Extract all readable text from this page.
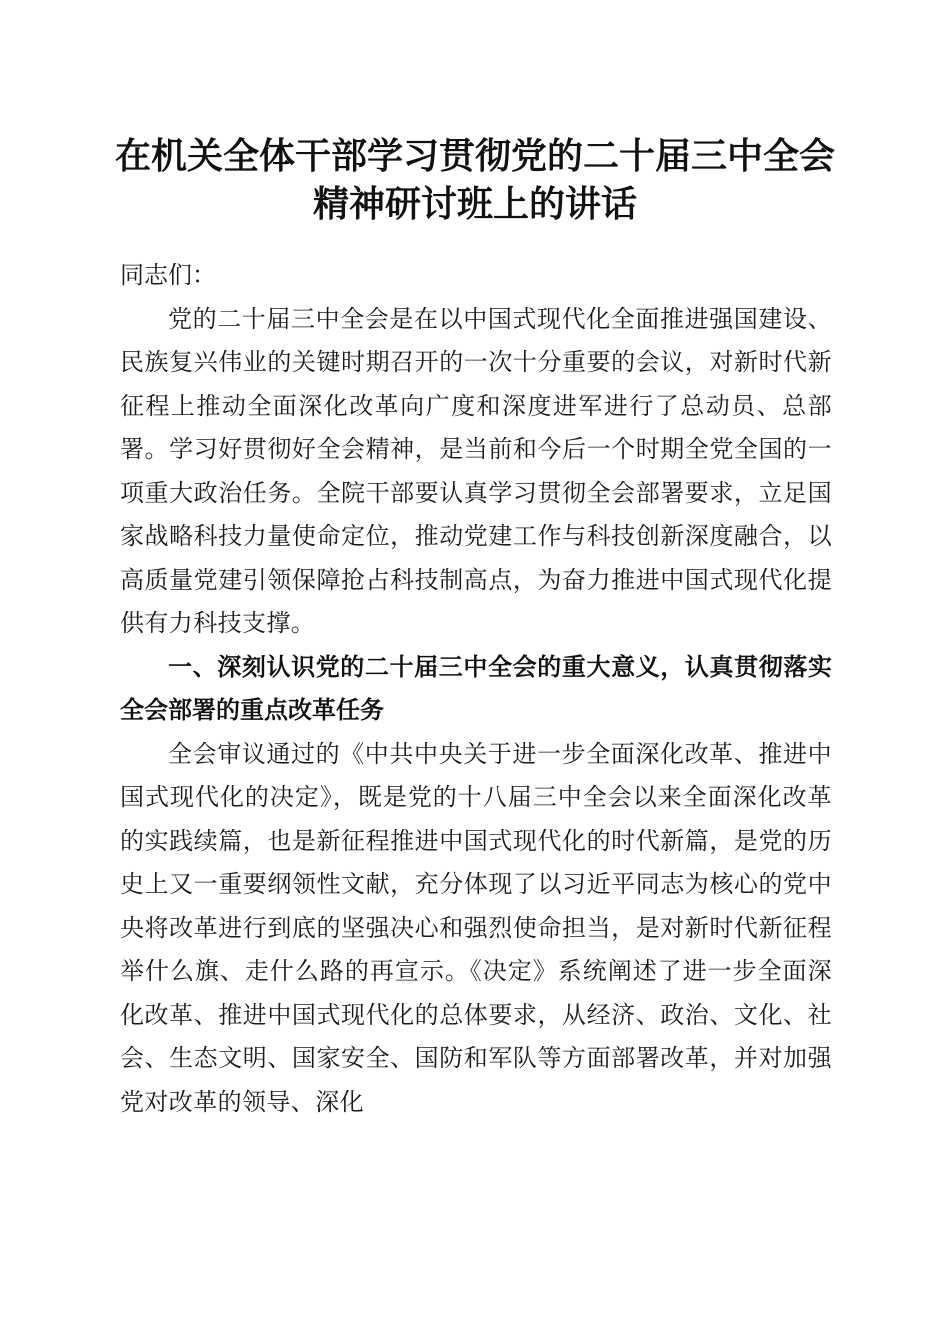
在机关全体干部学习贯彻党的二十届三中全会
精神研讨班上的讲话

同志们：

党的二十届三中全会是在以中国式现代化全面推进强国建设、民族复兴伟业的关键时期召开的一次十分重要的会议，对新时代新征程上推动全面深化改革向广度和深度进军进行了总动员、总部署。学习好贯彻好全会精神，是当前和今后一个时期全党全国的一项重大政治任务。全院干部要认真学习贯彻全会部署要求，立足国家战略科技力量使命定位，推动党建工作与科技创新深度融合，以高质量党建引领保障抢占科技制高点，为奋力推进中国式现代化提供有力科技支撑。

一、深刻认识党的二十届三中全会的重大意义，认真贯彻落实全会部署的重点改革任务

全会审议通过的《中共中央关于进一步全面深化改革、推进中国式现代化的决定》，既是党的十八届三中全会以来全面深化改革的实践续篇，也是新征程推进中国式现代化的时代新篇，是党的历史上又一重要纲领性文献，充分体现了以习近平同志为核心的党中央将改革进行到底的坚强决心和强烈使命担当，是对新时代新征程举什么旗、走什么路的再宣示。《决定》系统阐述了进一步全面深化改革、推进中国式现代化的总体要求，从经济、政治、文化、社会、生态文明、国家安全、国防和军队等方面部署改革，并对加强党对改革的领导、深化
